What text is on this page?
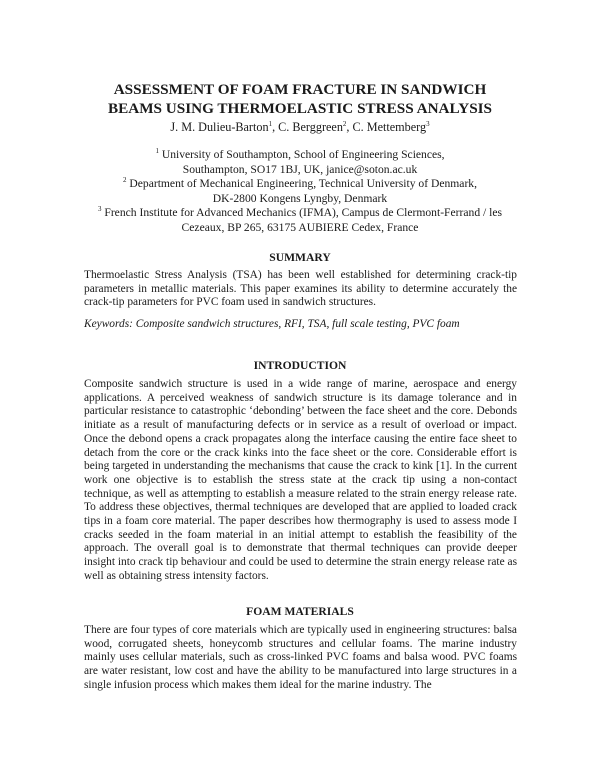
ASSESSMENT OF FOAM FRACTURE IN SANDWICH
BEAMS USING THERMOELASTIC STRESS ANALYSIS
J. M. Dulieu-Barton$^1$, C. Berggreen$^2$, C. Mettemberg$^3$
$^1$ University of Southampton, School of Engineering Sciences,
Southampton, SO17 1BJ, UK, janice@soton.ac.uk
$^2$ Department of Mechanical Engineering, Technical University of Denmark,
DK-2800 Kongens Lyngby, Denmark
$^3$ French Institute for Advanced Mechanics (IFMA), Campus de Clermont-Ferrand / les
Cezeaux, BP 265, 63175 AUBIERE Cedex, France
SUMMARY

Thermoelastic Stress Analysis (TSA) has been well established for determining crack-tip parameters in metallic materials. This paper examines its ability to determine accurately the crack-tip parameters for PVC foam used in sandwich structures.

Keywords: Composite sandwich structures, RFI, TSA, full scale testing, PVC foam
INTRODUCTION

Composite sandwich structure is used in a wide range of marine, aerospace and energy applications. A perceived weakness of sandwich structure is its damage tolerance and in particular resistance to catastrophic ‘debonding’ between the face sheet and the core. Debonds initiate as a result of manufacturing defects or in service as a result of overload or impact. Once the debond opens a crack propagates along the interface causing the entire face sheet to detach from the core or the crack kinks into the face sheet or the core. Considerable effort is being targeted in understanding the mechanisms that cause the crack to kink [1]. In the current work one objective is to establish the stress state at the crack tip using a non-contact technique, as well as attempting to establish a measure related to the strain energy release rate. To address these objectives, thermal techniques are developed that are applied to loaded crack tips in a foam core material. The paper describes how thermography is used to assess mode I cracks seeded in the foam material in an initial attempt to establish the feasibility of the approach. The overall goal is to demonstrate that thermal techniques can provide deeper insight into crack tip behaviour and could be used to determine the strain energy release rate as well as obtaining stress intensity factors.

FOAM MATERIALS

There are four types of core materials which are typically used in engineering structures: balsa wood, corrugated sheets, honeycomb structures and cellular foams. The marine industry mainly uses cellular materials, such as cross-linked PVC foams and balsa wood. PVC foams are water resistant, low cost and have the ability to be manufactured into large structures in a single infusion process which makes them ideal for the marine industry. The
